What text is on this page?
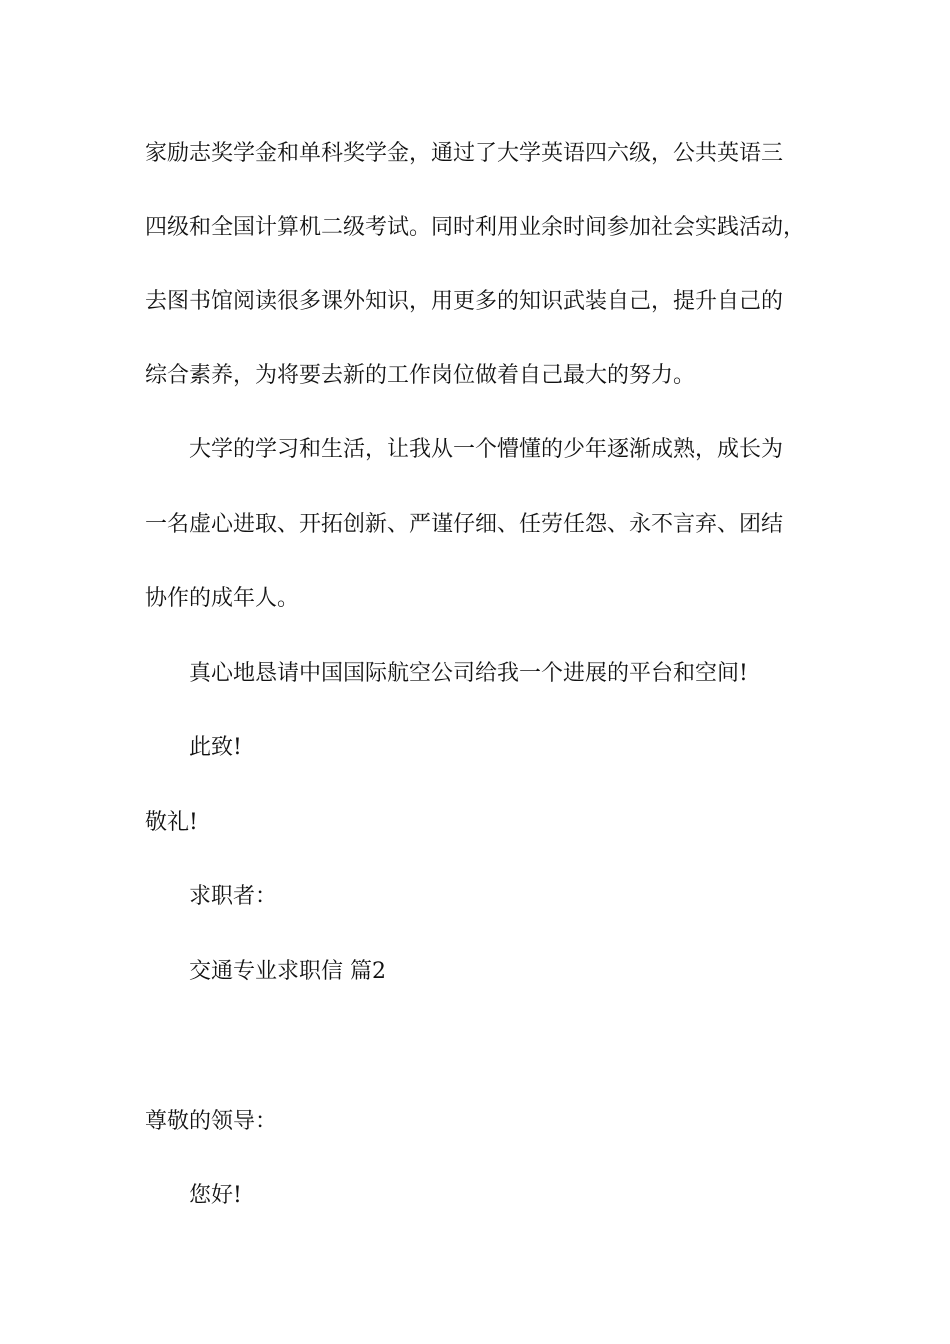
家励志奖学金和单科奖学金，通过了大学英语四六级，公共英语三
四级和全国计算机二级考试。同时利用业余时间参加社会实践活动，
去图书馆阅读很多课外知识，用更多的知识武装自己，提升自己的
综合素养，为将要去新的工作岗位做着自己最大的努力。
大学的学习和生活，让我从一个懵懂的少年逐渐成熟，成长为
一名虚心进取、开拓创新、严谨仔细、任劳任怨、永不言弃、团结
协作的成年人。
真心地恳请中国国际航空公司给我一个进展的平台和空间!
此致!
敬礼!
求职者：
交通专业求职信 篇2
尊敬的领导：
您好!
